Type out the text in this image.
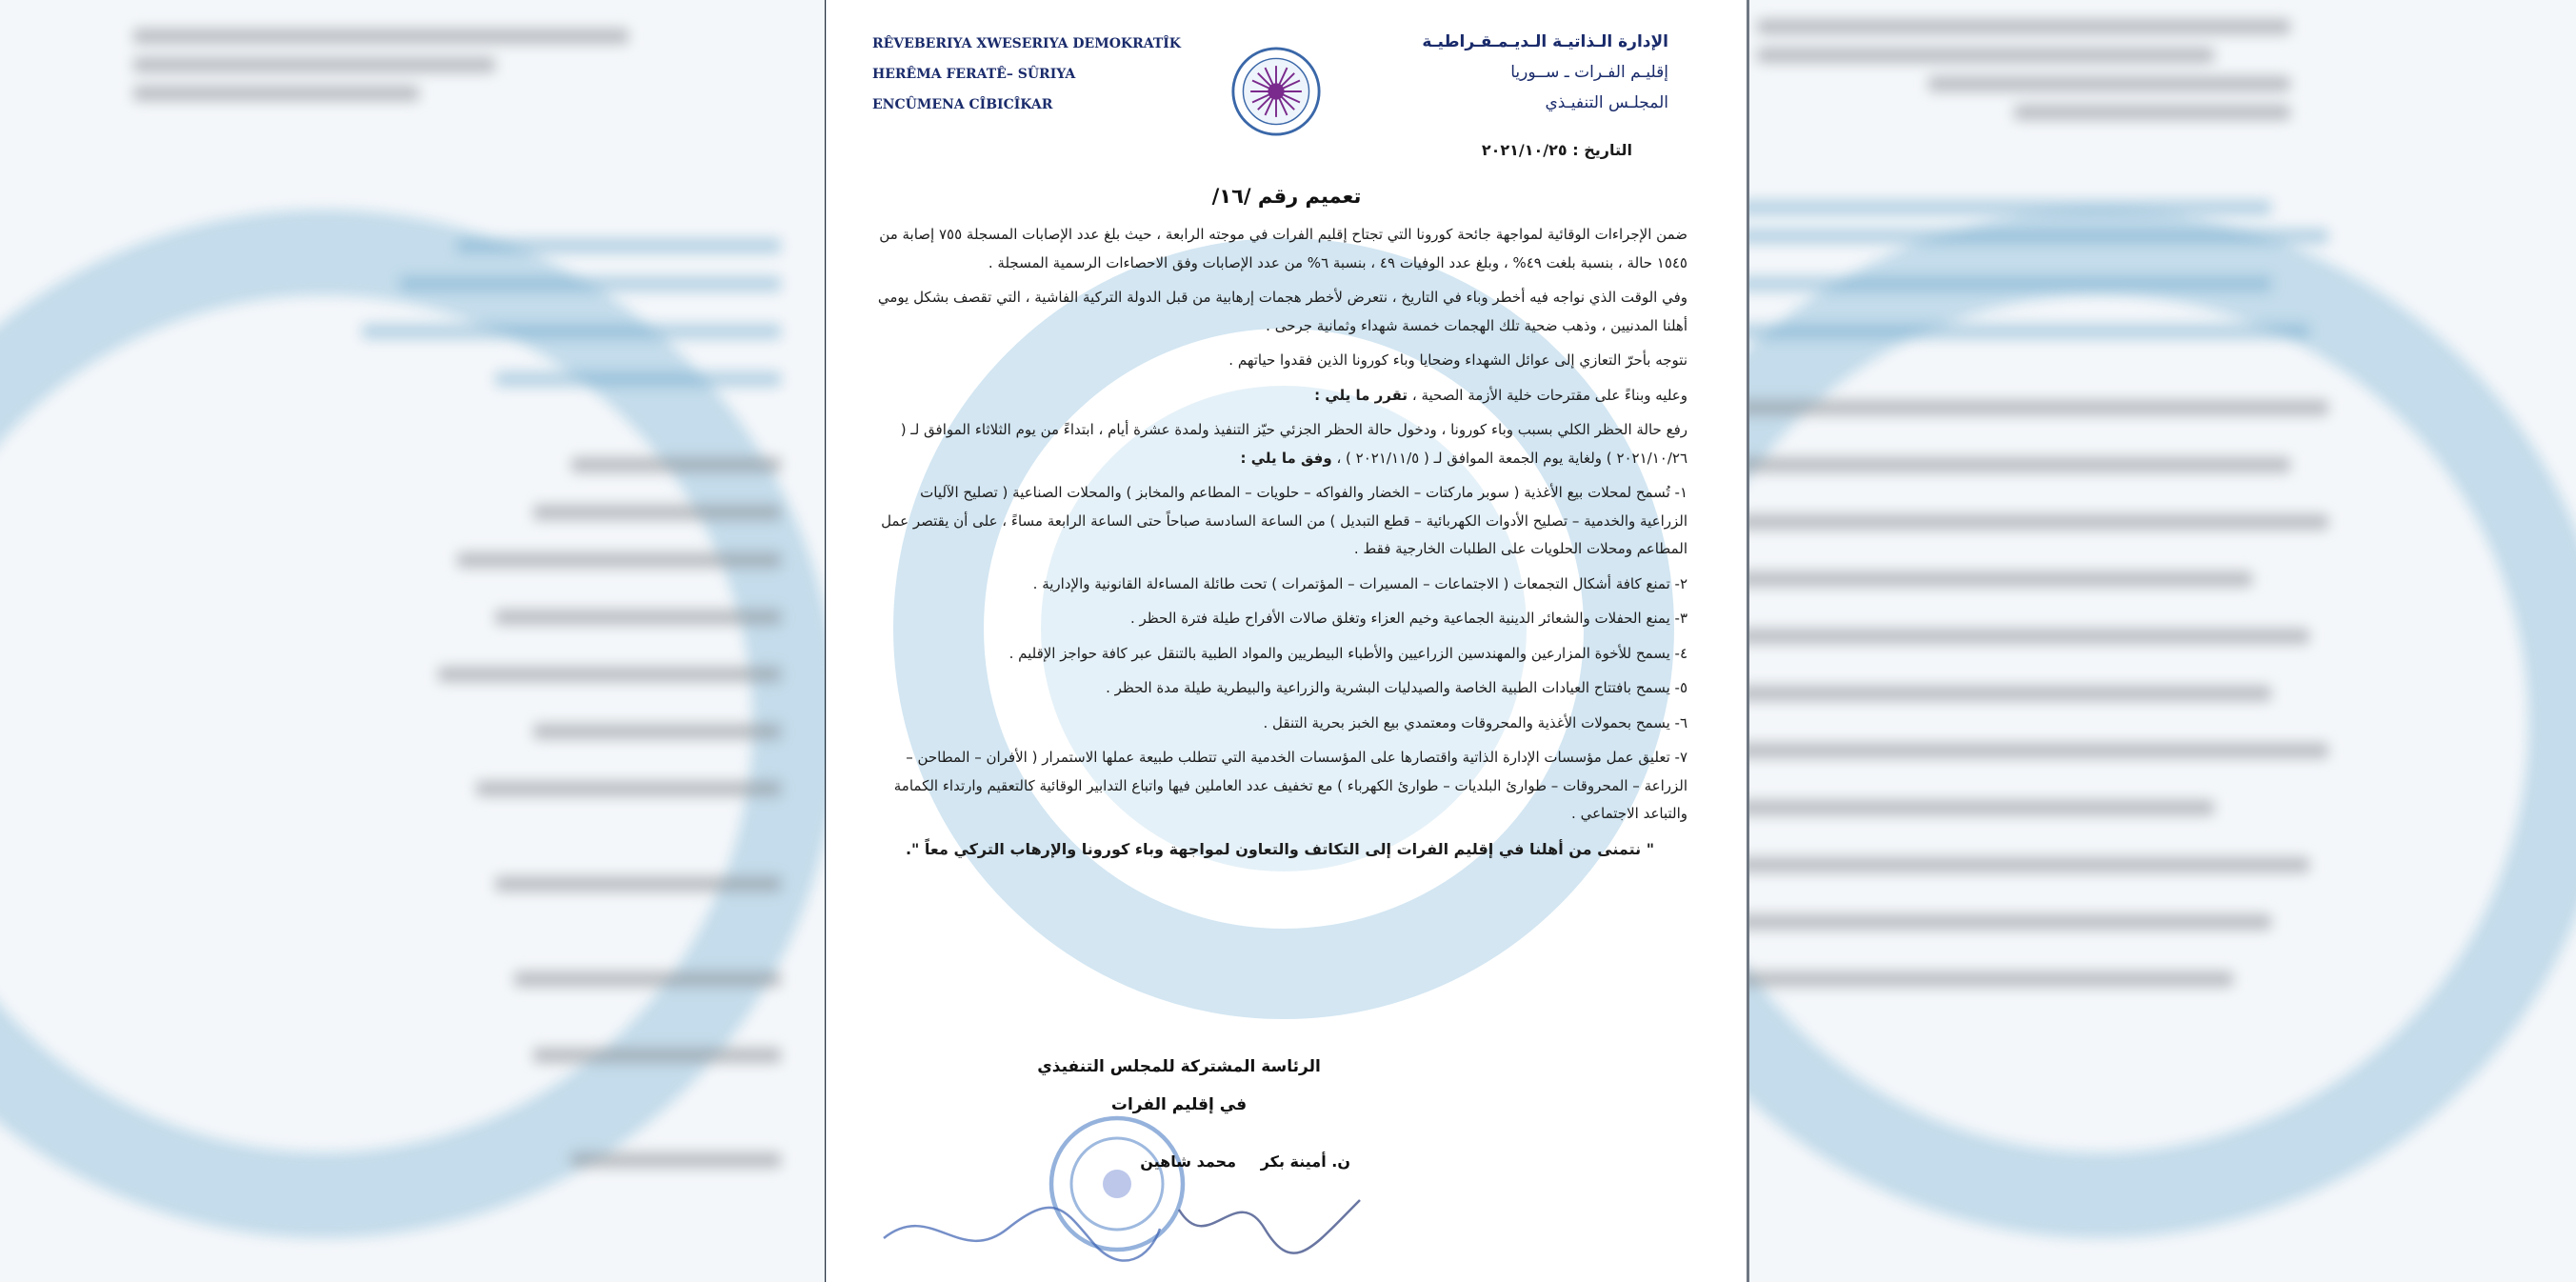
RÊVEBERIYA XWESERIYA DEMOKRATÎK
HERÊMA FERATÊ– SÛRIYA
ENCÛMENA CÎBICÎKAR
الإدارة الـذاتيـة الـديـمـقـراطيـة
إقليـم الفـرات ـ ســوريا
المجلـس التنفيـذي
التاريخ : ٢٠٢١/١٠/٢٥
تعميم رقم /١٦/

ضمن الإجراءات الوقائية لمواجهة جائحة كورونا التي تجتاح إقليم الفرات في موجته الرابعة ، حيث بلغ عدد الإصابات المسجلة ٧٥٥ إصابة من ١٥٤٥ حالة ، بنسبة بلغت ٤٩% ، وبلغ عدد الوفيات ٤٩ ، بنسبة ٦% من عدد الإصابات وفق الاحصاءات الرسمية المسجلة .

وفي الوقت الذي نواجه فيه أخطر وباء في التاريخ ، نتعرض لأخطر هجمات إرهابية من قبل الدولة التركية الفاشية ، التي تقصف بشكل يومي أهلنا المدنيين ، وذهب ضحية تلك الهجمات خمسة شهداء وثمانية جرحى .

نتوجه بأحرّ التعازي إلى عوائل الشهداء وضحايا وباء كورونا الذين فقدوا حياتهم .

وعليه وبناءً على مقترحات خلية الأزمة الصحية ، تقرر ما يلي :

رفع حالة الحظر الكلي بسبب وباء كورونا ، ودخول حالة الحظر الجزئي حيّز التنفيذ ولمدة عشرة أيام ، ابتداءً من يوم الثلاثاء الموافق لـ ( ٢٠٢١/١٠/٢٦ ) ولغاية يوم الجمعة الموافق لـ ( ٢٠٢١/١١/٥ ) ، وفق ما يلي :

١- تُسمح لمحلات بيع الأغذية ( سوبر ماركتات – الخضار والفواكه – حلويات – المطاعم والمخابز ) والمحلات الصناعية ( تصليح الآليات الزراعية والخدمية – تصليح الأدوات الكهربائية – قطع التبديل ) من الساعة السادسة صباحاً حتى الساعة الرابعة مساءً ، على أن يقتصر عمل المطاعم ومحلات الحلويات على الطلبات الخارجية فقط .

٢- تمنع كافة أشكال التجمعات ( الاجتماعات – المسيرات – المؤتمرات ) تحت طائلة المساءلة القانونية والإدارية .

٣- يمنع الحفلات والشعائر الدينية الجماعية وخيم العزاء وتغلق صالات الأفراح طيلة فترة الحظر .

٤- يسمح للأخوة المزارعين والمهندسين الزراعيين والأطباء البيطريين والمواد الطبية بالتنقل عبر كافة حواجز الإقليم .

٥- يسمح بافتتاح العيادات الطبية الخاصة والصيدليات البشرية والزراعية والبيطرية طيلة مدة الحظر .

٦- يسمح بحمولات الأغذية والمحروقات ومعتمدي بيع الخبز بحرية التنقل .

٧- تعليق عمل مؤسسات الإدارة الذاتية واقتصارها على المؤسسات الخدمية التي تتطلب طبيعة عملها الاستمرار ( الأفران – المطاحن – الزراعة – المحروقات – طوارئ البلديات – طوارئ الكهرباء ) مع تخفيف عدد العاملين فيها واتباع التدابير الوقائية كالتعقيم وارتداء الكمامة والتباعد الاجتماعي .

" نتمنى من أهلنا في إقليم الفرات إلى التكاتف والتعاون لمواجهة وباء كورونا والإرهاب التركي معاً ".

الرئاسة المشتركة للمجلس التنفيذي
في إقليم الفرات
محمد شاهين ن. أمينة بكر
